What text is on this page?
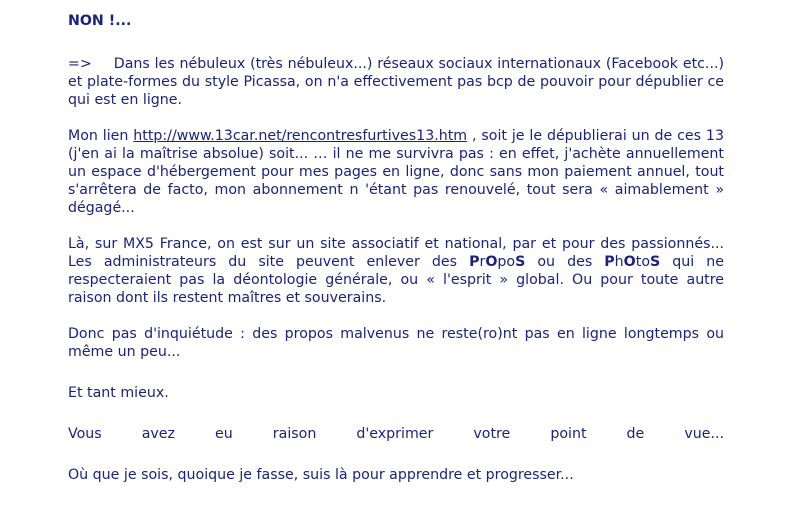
NON !...

=> Dans les nébuleux (très nébuleux...) réseaux sociaux internationaux (Facebook etc...) et plate-formes du style Picassa, on n'a effectivement pas bcp de pouvoir pour dépublier ce qui est en ligne.

Mon lien http://www.13car.net/rencontresfurtives13.htm , soit je le dépublierai un de ces 13 (j'en ai la maîtrise absolue) soit... … il ne me survivra pas : en effet, j'achète annuellement un espace d'hébergement pour mes pages en ligne, donc sans mon paiement annuel, tout s'arrêtera de facto, mon abonnement n 'étant pas renouvelé, tout sera « aimablement » dégagé...

Là, sur MX5 France, on est sur un site associatif et national, par et pour des passionnés... Les administrateurs du site peuvent enlever des PrOpoS ou des PhOtoS qui ne respecteraient pas la déontologie générale, ou « l'esprit » global. Ou pour toute autre raison dont ils restent maîtres et souverains.

Donc pas d'inquiétude : des propos malvenus ne reste(ro)nt pas en ligne longtemps ou même un peu...

Et tant mieux.

Vous avez eu raison d'exprimer votre point de vue...

Où que je sois, quoique je fasse, suis là pour apprendre et progresser...
